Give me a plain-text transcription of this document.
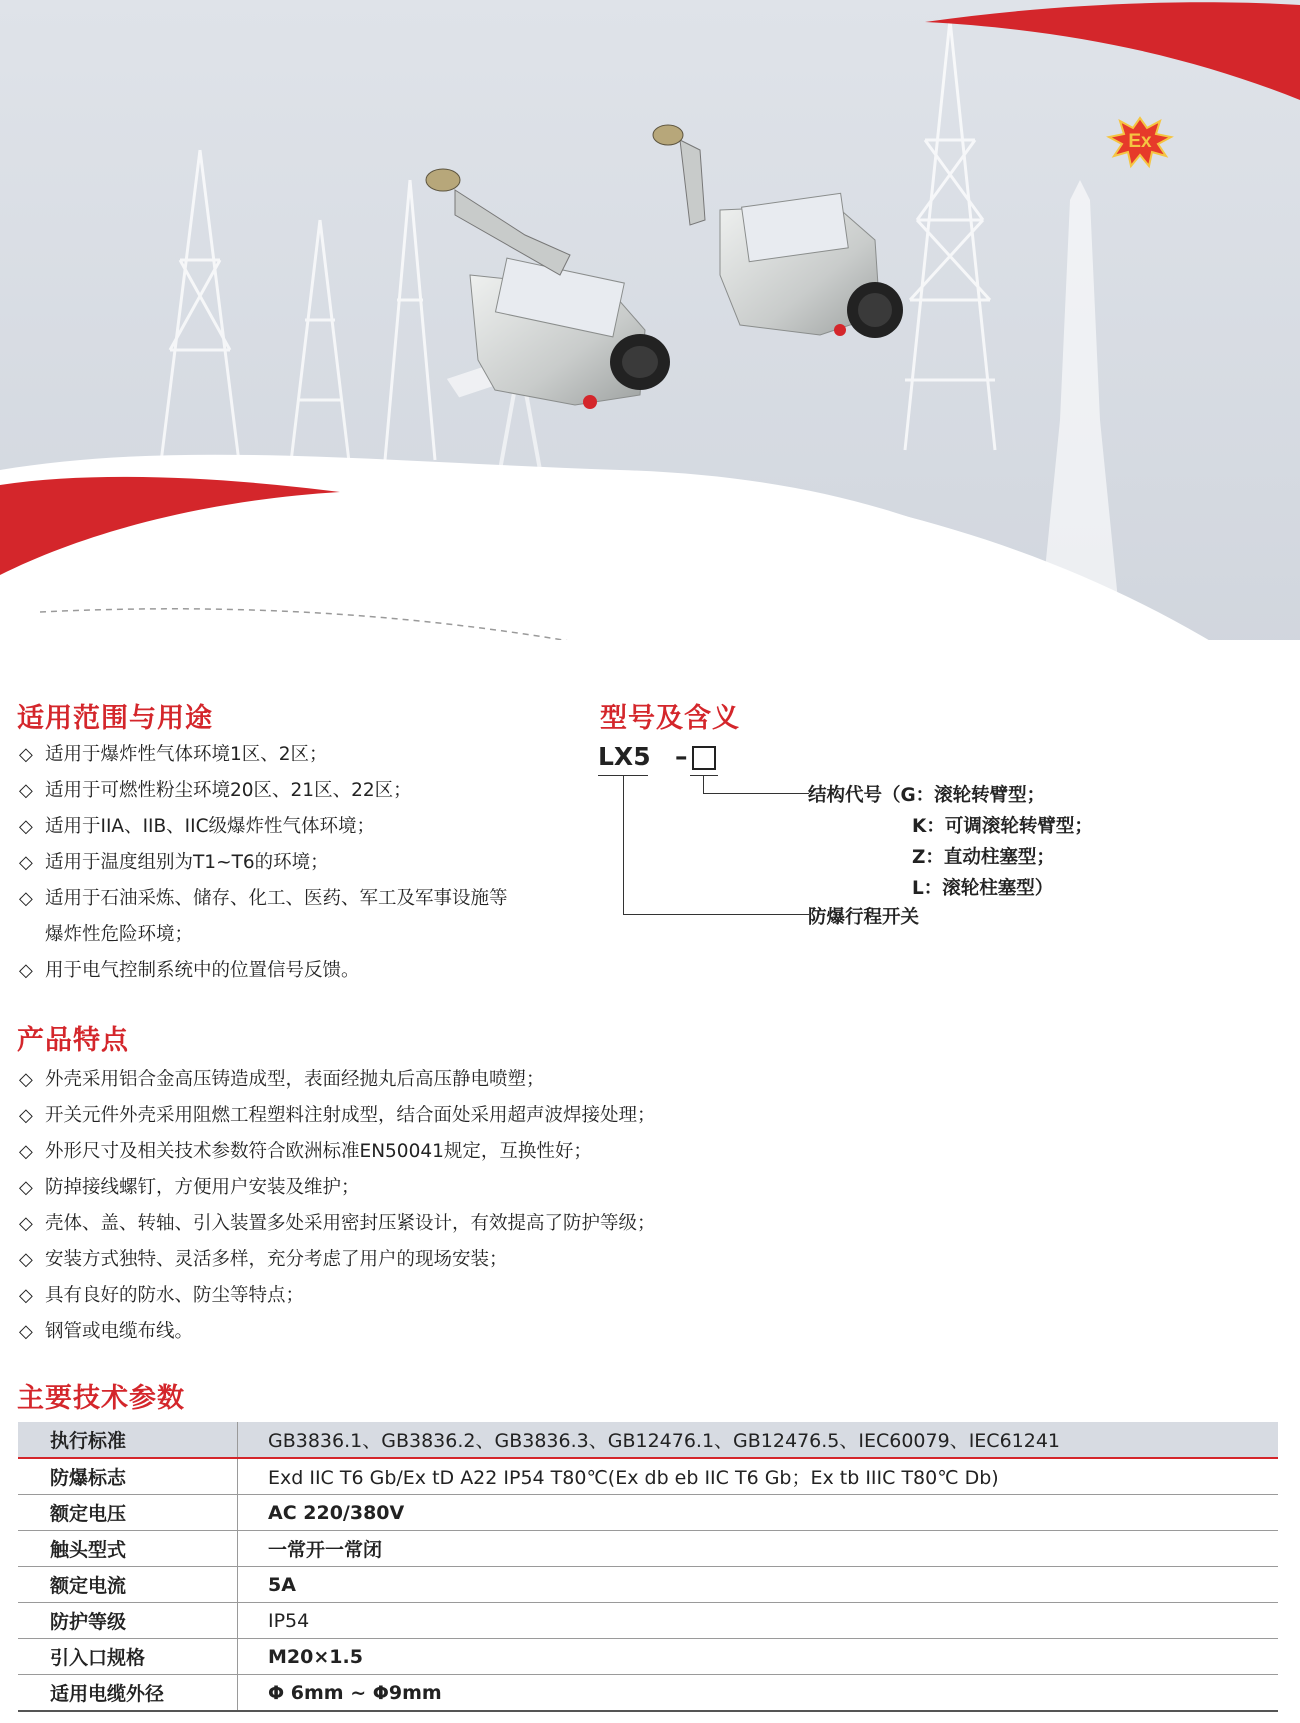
Ex
适用范围与用途
◇ 适用于爆炸性气体环境1区、2区；
◇ 适用于可燃性粉尘环境20区、21区、22区；
◇ 适用于IIA、IIB、IIC级爆炸性气体环境；
◇ 适用于温度组别为T1~T6的环境；
◇ 适用于石油采炼、储存、化工、医药、军工及军事设施等
爆炸性危险环境；
◇ 用于电气控制系统中的位置信号反馈。
型号及含义
LX5 –
结构代号（G：滚轮转臂型；
K：可调滚轮转臂型；
Z：直动柱塞型；
L：滚轮柱塞型）
防爆行程开关
产品特点
◇ 外壳采用铝合金高压铸造成型，表面经抛丸后高压静电喷塑；
◇ 开关元件外壳采用阻燃工程塑料注射成型，结合面处采用超声波焊接处理；
◇ 外形尺寸及相关技术参数符合欧洲标准EN50041规定，互换性好；
◇ 防掉接线螺钉，方便用户安装及维护；
◇ 壳体、盖、转轴、引入装置多处采用密封压紧设计，有效提高了防护等级；
◇ 安装方式独特、灵活多样，充分考虑了用户的现场安装；
◇ 具有良好的防水、防尘等特点；
◇ 钢管或电缆布线。
主要技术参数
执行标准	GB3836.1、GB3836.2、GB3836.3、GB12476.1、GB12476.5、IEC60079、IEC61241
防爆标志	Exd IIC T6 Gb/Ex tD A22 IP54 T80℃(Ex db eb IIC T6 Gb；Ex tb IIIC T80℃ Db)
额定电压	AC 220/380V
触头型式	一常开一常闭
额定电流	5A
防护等级	IP54
引入口规格	M20×1.5
适用电缆外径	Φ 6mm ~ Φ9mm
